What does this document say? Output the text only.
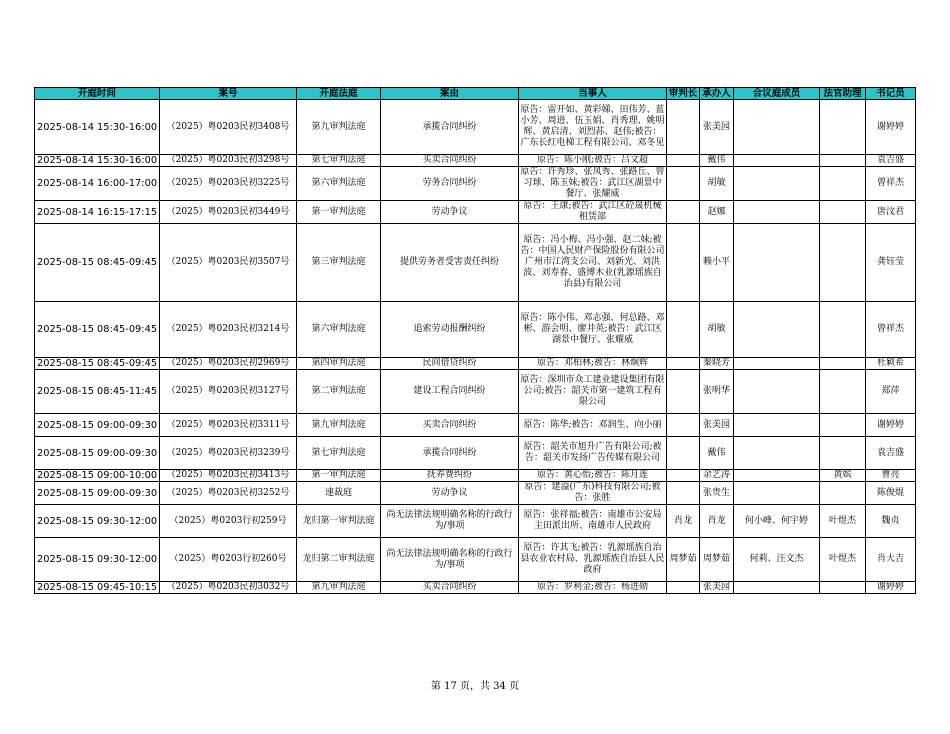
开庭时间	案号	开庭法庭	案由	当事人	审判长	承办人	合议庭成员	法官助理	书记员
2025-08-14 15:30-16:00	（2025）粤0203民初3408号	第九审判法庭	承揽合同纠纷	原告：雷开如、黄彩娣、田伟芳、蓝小芳、周进、伍玉娟、肖秀理、姚明辉、黄启清、刘烈荪、赵伟;被告：广东长红电梯工程有限公司、邓冬见		张美园			谢婷婷
2025-08-14 15:30-16:00	（2025）粤0203民初3298号	第七审判法庭	买卖合同纠纷	原告：陈小刚;被告：吕文超		戴伟			袁吉盛
2025-08-14 16:00-17:00	（2025）粤0203民初3225号	第六审判法庭	劳务合同纠纷	原告：许秀珍、张凤秀、张路丘、曾习球、陈玉妹;被告：武江区湖景中餐厅、张耀威		胡敏			曾祥杰
2025-08-14 16:15-17:15	（2025）粤0203民初3449号	第一审判法庭	劳动争议	原告：王康;被告：武江区砼晟机械租赁部		赵娜			唐汶君
2025-08-15 08:45-09:45	（2025）粤0203民初3507号	第三审判法庭	提供劳务者受害责任纠纷	原告：冯小梅、冯小强、赵二妹;被告：中国人民财产保险股份有限公司广州市江湾支公司、刘新光、刘洪波、刘寿春、盛博木业(乳源瑶族自治县)有限公司		赖小平			龚钰莹
2025-08-15 08:45-09:45	（2025）粤0203民初3214号	第六审判法庭	追索劳动报酬纠纷	原告：陈小伟、邓志强、何总路、邓彬、游会明、廖井英;被告：武江区湖景中餐厅、张耀威		胡敏			曾祥杰
2025-08-15 08:45-09:45	（2025）粤0203民初2969号	第四审判法庭	民间借贷纠纷	原告：邓柏林;被告：林炯辉		秦晓芳			杜颖希
2025-08-15 08:45-11:45	（2025）粤0203民初3127号	第二审判法庭	建设工程合同纠纷	原告：深圳市众工建业建设集团有限公司;被告：韶关市第一建筑工程有限公司		张明华			郑萍
2025-08-15 09:00-09:30	（2025）粤0203民初3311号	第九审判法庭	买卖合同纠纷	原告：陈华;被告：邓润生、向小丽		张美园			谢婷婷
2025-08-15 09:00-09:30	（2025）粤0203民初3239号	第七审判法庭	承揽合同纠纷	原告：韶关市旭升广告有限公司;被告：韶关市发扬广告传媒有限公司		戴伟			袁吉盛
2025-08-15 09:00-10:00	（2025）粤0203民初3413号	第一审判法庭	抚养费纠纷	原告：黄心怡;被告：陈月莲		余艺涛		黄嫔	曹亮
2025-08-15 09:00-09:30	（2025）粤0203民初3252号	速裁庭	劳动争议	原告：建溢(广东)科技有限公司;被告：张胜		张贵生			陈俊焜
2025-08-15 09:30-12:00	（2025）粤0203行初259号	龙归第一审判法庭	尚无法律法规明确名称的行政行为/事项	原告：张祥福;被告：南雄市公安局主田派出所、南雄市人民政府	肖龙	肖龙	何小峰、何宇婷	叶煜杰	魏贞
2025-08-15 09:30-12:00	（2025）粤0203行初260号	龙归第二审判法庭	尚无法律法规明确名称的行政行为/事项	原告：许其飞;被告：乳源瑶族自治县农业农村局、乳源瑶族自治县人民政府	周梦茹	周梦茹	何莉、汪文杰	叶煜杰	肖大吉
2025-08-15 09:45-10:15	（2025）粤0203民初3032号	第九审判法庭	买卖合同纠纷	原告：罗利金;被告：杨进勋		张美园			谢婷婷
第 17 页，共 34 页
